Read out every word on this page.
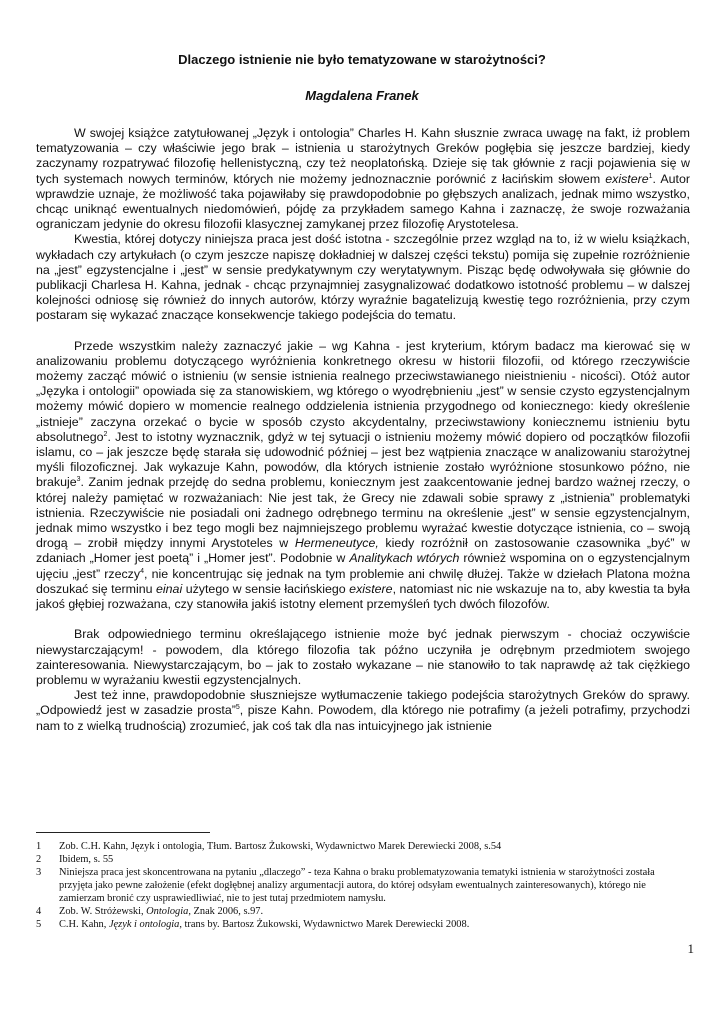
Dlaczego istnienie nie było tematyzowane w starożytności?
Magdalena Franek

W swojej książce zatytułowanej „Język i ontologia” Charles H. Kahn słusznie zwraca uwagę na fakt, iż problem tematyzowania – czy właściwie jego brak – istnienia u starożytnych Greków pogłębia się jeszcze bardziej, kiedy zaczynamy rozpatrywać filozofię hellenistyczną, czy też neoplatońską. Dzieje się tak głównie z racji pojawienia się w tych systemach nowych terminów, których nie możemy jednoznacznie porównić z łacińskim słowem existere$^1$. Autor wprawdzie uznaje, że możliwość taka pojawiłaby się prawdopodobnie po głębszych analizach, jednak mimo wszystko, chcąc uniknąć ewentualnych niedomówień, pójdę za przykładem samego Kahna i zaznaczę, że swoje rozważania ograniczam jedynie do okresu filozofii klasycznej zamykanej przez filozofię Arystotelesa.

Kwestia, której dotyczy niniejsza praca jest dość istotna - szczególnie przez wzgląd na to, iż w wielu książkach, wykładach czy artykułach (o czym jeszcze napiszę dokładniej w dalszej części tekstu) pomija się zupełnie rozróżnienie na „jest” egzystencjalne i „jest” w sensie predykatywnym czy werytatywnym. Pisząc będę odwoływała się głównie do publikacji Charlesa H. Kahna, jednak - chcąc przynajmniej zasygnalizować dodatkowo istotność problemu – w dalszej kolejności odniosę się również do innych autorów, którzy wyraźnie bagatelizują kwestię tego rozróżnienia, przy czym postaram się wykazać znaczące konsekwencje takiego podejścia do tematu.

Przede wszystkim należy zaznaczyć jakie – wg Kahna - jest kryterium, którym badacz ma kierować się w analizowaniu problemu dotyczącego wyróżnienia konkretnego okresu w historii filozofii, od którego rzeczywiście możemy zacząć mówić o istnieniu (w sensie istnienia realnego przeciwstawianego nieistnieniu - nicości). Otóż autor „Języka i ontologii” opowiada się za stanowiskiem, wg którego o wyodrębnieniu „jest” w sensie czysto egzystencjalnym możemy mówić dopiero w momencie realnego oddzielenia istnienia przygodnego od koniecznego: kiedy określenie „istnieje” zaczyna orzekać o bycie w sposób czysto akcydentalny, przeciwstawiony koniecznemu istnieniu bytu absolutnego$^2$. Jest to istotny wyznacznik, gdyż w tej sytuacji o istnieniu możemy mówić dopiero od początków filozofii islamu, co – jak jeszcze będę starała się udowodnić później – jest bez wątpienia znaczące w analizowaniu starożytnej myśli filozoficznej. Jak wykazuje Kahn, powodów, dla których istnienie zostało wyróżnione stosunkowo późno, nie brakuje$^3$. Zanim jednak przejdę do sedna problemu, koniecznym jest zaakcentowanie jednej bardzo ważnej rzeczy, o której należy pamiętać w rozważaniach: Nie jest tak, że Grecy nie zdawali sobie sprawy z „istnienia” problematyki istnienia. Rzeczywiście nie posiadali oni żadnego odrębnego terminu na określenie „jest” w sensie egzystencjalnym, jednak mimo wszystko i bez tego mogli bez najmniejszego problemu wyrażać kwestie dotyczące istnienia, co – swoją drogą – zrobił między innymi Arystoteles w Hermeneutyce, kiedy rozróżnił on zastosowanie czasownika „być” w zdaniach „Homer jest poetą” i „Homer jest”. Podobnie w Analitykach wtórych również wspomina on o egzystencjalnym ujęciu „jest” rzeczy$^4$, nie koncentrując się jednak na tym problemie ani chwilę dłużej. Także w dziełach Platona można doszukać się terminu einai użytego w sensie łacińskiego existere, natomiast nic nie wskazuje na to, aby kwestia ta była jakoś głębiej rozważana, czy stanowiła jakiś istotny element przemyśleń tych dwóch filozofów.

Brak odpowiedniego terminu określającego istnienie może być jednak pierwszym - chociaż oczywiście niewystarczającym! - powodem, dla którego filozofia tak późno uczyniła je odrębnym przedmiotem swojego zainteresowania. Niewystarczającym, bo – jak to zostało wykazane – nie stanowiło to tak naprawdę aż tak ciężkiego problemu w wyrażaniu kwestii egzystencjalnych.

Jest też inne, prawdopodobnie słuszniejsze wytłumaczenie takiego podejścia starożytnych Greków do sprawy. „Odpowiedź jest w zasadzie prosta”$^5$, pisze Kahn. Powodem, dla którego nie potrafimy (a jeżeli potrafimy, przychodzi nam to z wielką trudnością) zrozumieć, jak coś tak dla nas intuicyjnego jak istnienie

1	Zob. C.H. Kahn, Język i ontologia, Tłum. Bartosz Żukowski, Wydawnictwo Marek Derewiecki 2008, s.54
2	Ibidem, s. 55
3	Niniejsza praca jest skoncentrowana na pytaniu „dlaczego” - teza Kahna o braku problematyzowania tematyki istnienia w starożytności została przyjęta jako pewne założenie (efekt dogłębnej analizy argumentacji autora, do której odsyłam ewentualnych zainteresowanych), którego nie zamierzam bronić czy usprawiedliwiać, nie to jest tutaj przedmiotem namysłu.
4	Zob. W. Stróżewski, Ontologia, Znak 2006, s.97.
5	C.H. Kahn, Język i ontologia, trans by. Bartosz Żukowski, Wydawnictwo Marek Derewiecki 2008.
1
